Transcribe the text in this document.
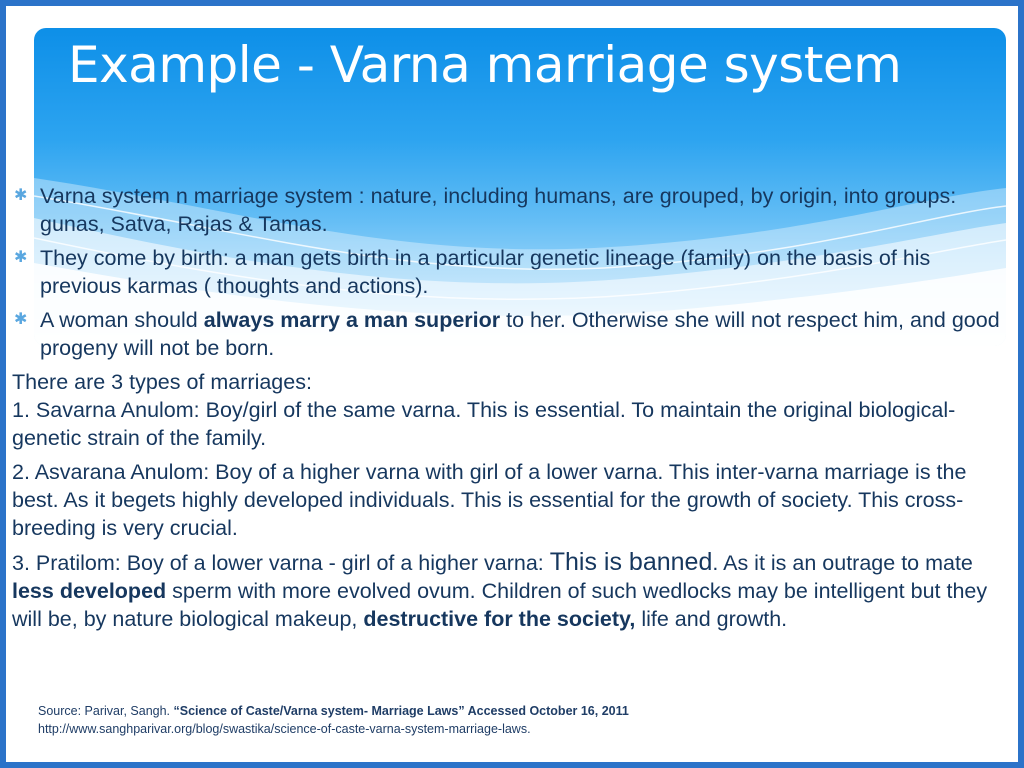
Example - Varna marriage system
✱ Varna system n marriage system : nature, including humans, are grouped, by origin, into groups: gunas, Satva, Rajas & Tamas.
✱ They come by birth: a man gets birth in a particular genetic lineage (family) on the basis of his previous karmas ( thoughts and actions).
✱ A woman should always marry a man superior to her. Otherwise she will not respect him, and good progeny will not be born.

There are 3 types of marriages:
1. Savarna Anulom: Boy/girl of the same varna. This is essential. To maintain the original biological-genetic strain of the family.

2. Asvarana Anulom: Boy of a higher varna with girl of a lower varna. This inter-varna marriage is the best. As it begets highly developed individuals. This is essential for the growth of society. This cross-breeding is very crucial.

3. Pratilom: Boy of a lower varna - girl of a higher varna: This is banned. As it is an outrage to mate less developed sperm with more evolved ovum. Children of such wedlocks may be intelligent but they will be, by nature biological makeup, destructive for the society, life and growth.

Source: Parivar, Sangh. “Science of Caste/Varna system- Marriage Laws” Accessed October 16, 2011
http://www.sanghparivar.org/blog/swastika/science-of-caste-varna-system-marriage-laws.
